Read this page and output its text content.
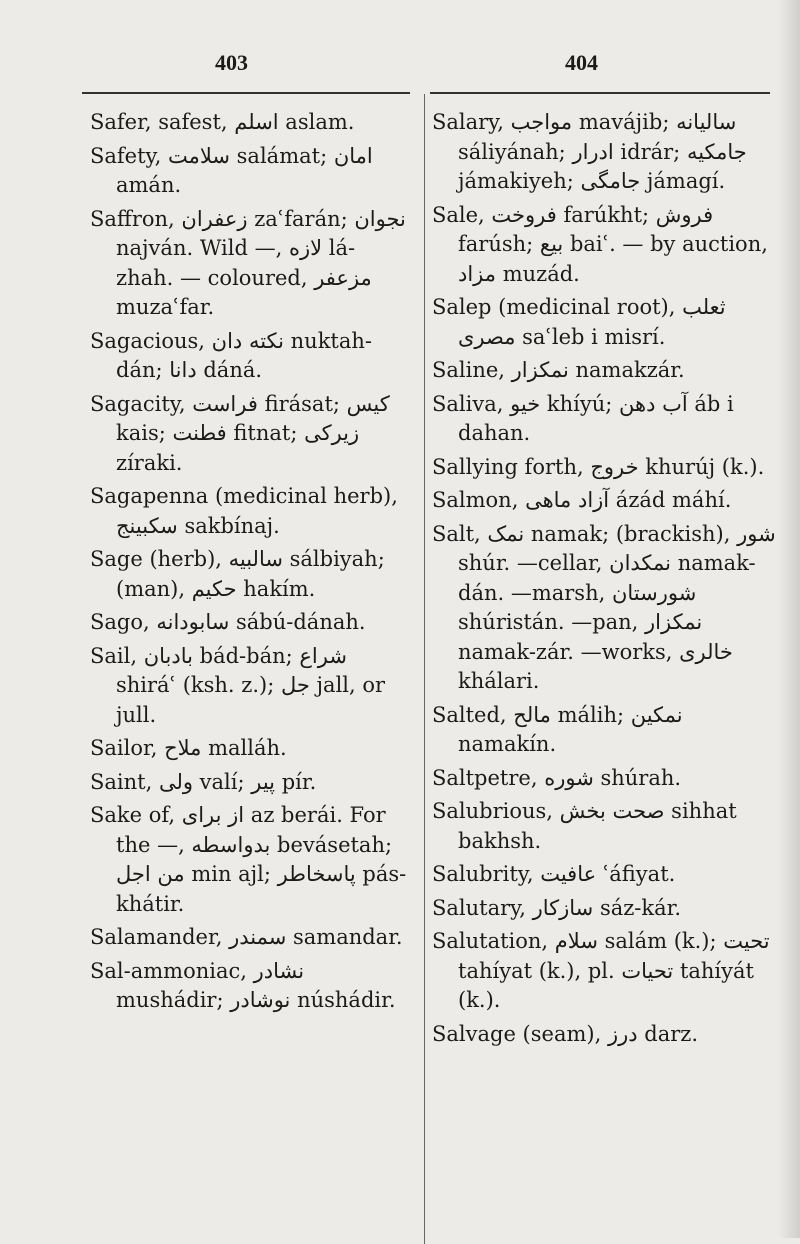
403	404

Safer, safest, اسلم aslam.

Safety, سلامت salámat; امان amán.

Saffron, زعفران zaʿfarán; نجوان najván. Wild —, لازه lá-zhah. — coloured, مزعفر muzaʿfar.

Sagacious, نکته دان nuktah-dán; دانا dáná.

Sagacity, فراست firásat; کیس kais; فطنت fitnat; زیرکی zíraki.

Sagapenna (medicinal herb), سکبینج sakbínaj.

Sage (herb), سالبیه sálbiyah; (man), حکیم hakím.

Sago, سابودانه sábú-dánah.

Sail, بادبان bád-bán; شراع shiráʿ (ksh. z.); جل jall, or jull.

Sailor, ملاح malláh.

Saint, ولی valí; پیر pír.

Sake of, از برای az berái. For the —, بدواسطه bevásetah; من اجل min ajl; پاسخاطر pás-khátir.

Salamander, سمندر samandar.

Sal-ammoniac, نشادر mushádir; نوشادر núshádir.

Salary, مواجب mavájib; سالیانه sáliyánah; ادرار idrár; جامکیه jámakiyeh; جامگی jámagí.

Sale, فروخت farúkht; فروش farúsh; بیع baiʿ. — by auction, مزاد muzád.

Salep (medicinal root), ثعلب مصری saʿleb i misrí.

Saline, نمکزار namakzár.

Saliva, خیو khíyú; آب دهن áb i dahan.

Sallying forth, خروج khurúj (k.).

Salmon, آزاد ماهی ázád máhí.

Salt, نمک namak; (brackish), شور shúr. —cellar, نمکدان namak-dán. —marsh, شورستان shúristán. —pan, نمکزار namak-zár. —works, خالری khálari.

Salted, مالح málih; نمکین namakín.

Saltpetre, شوره shúrah.

Salubrious, صحت بخش sihhat bakhsh.

Salubrity, عافیت ʿáfiyat.

Salutary, سازکار sáz-kár.

Salutation, سلام salám (k.); تحیت tahíyat (k.), pl. تحیات tahíyát (k.).

Salvage (seam), درز darz.
